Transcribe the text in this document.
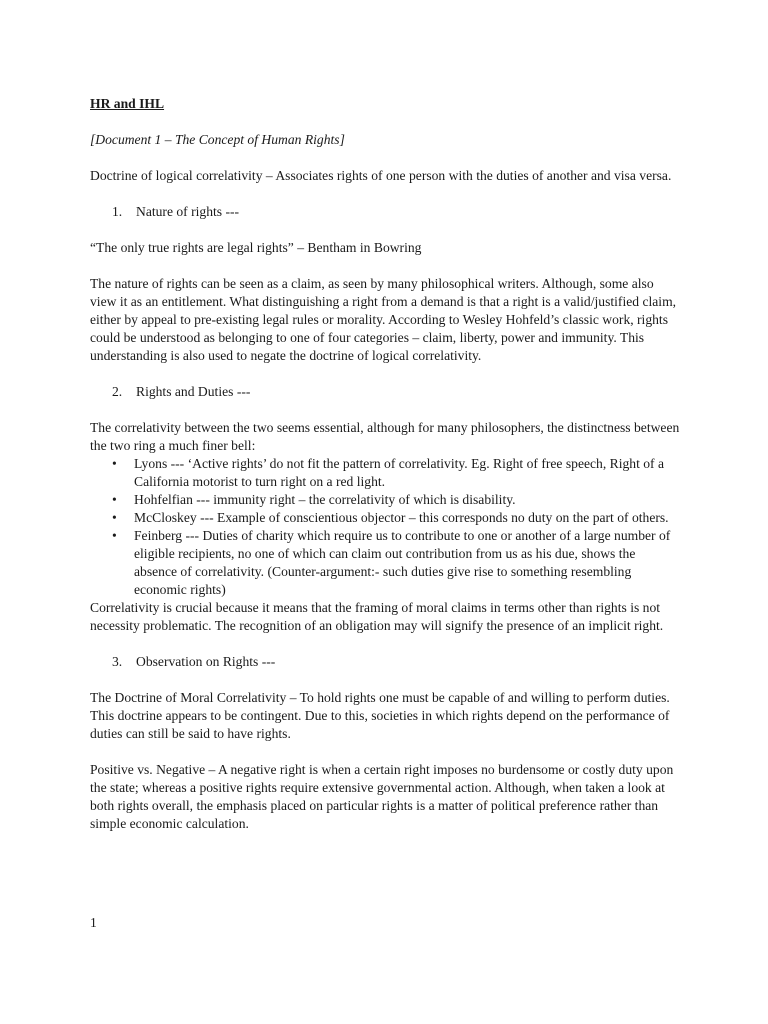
HR and IHL

[Document 1 – The Concept of Human Rights]

Doctrine of logical correlativity – Associates rights of one person with the duties of another and visa versa.

1.	Nature of rights ---

“The only true rights are legal rights” – Bentham in Bowring

The nature of rights can be seen as a claim, as seen by many philosophical writers. Although, some also view it as an entitlement. What distinguishing a right from a demand is that a right is a valid/justified claim, either by appeal to pre-existing legal rules or morality. According to Wesley Hohfeld’s classic work, rights could be understood as belonging to one of four categories – claim, liberty, power and immunity. This understanding is also used to negate the doctrine of logical correlativity.

2.	Rights and Duties ---

The correlativity between the two seems essential, although for many philosophers, the distinctness between the two ring a much finer bell:

•	Lyons --- ‘Active rights’ do not fit the pattern of correlativity. Eg. Right of free speech, Right of a California motorist to turn right on a red light.
•	Hohfelfian --- immunity right – the correlativity of which is disability.
•	McCloskey --- Example of conscientious objector – this corresponds no duty on the part of others.
•	Feinberg --- Duties of charity which require us to contribute to one or another of a large number of eligible recipients, no one of which can claim out contribution from us as his due, shows the absence of correlativity. (Counter-argument:- such duties give rise to something resembling economic rights)

Correlativity is crucial because it means that the framing of moral claims in terms other than rights is not necessity problematic. The recognition of an obligation may will signify the presence of an implicit right.

3.	Observation on Rights ---

The Doctrine of Moral Correlativity – To hold rights one must be capable of and willing to perform duties. This doctrine appears to be contingent. Due to this, societies in which rights depend on the performance of duties can still be said to have rights.

Positive vs. Negative – A negative right is when a certain right imposes no burdensome or costly duty upon the state; whereas a positive rights require extensive governmental action. Although, when taken a look at both rights overall, the emphasis placed on particular rights is a matter of political preference rather than simple economic calculation.

1
